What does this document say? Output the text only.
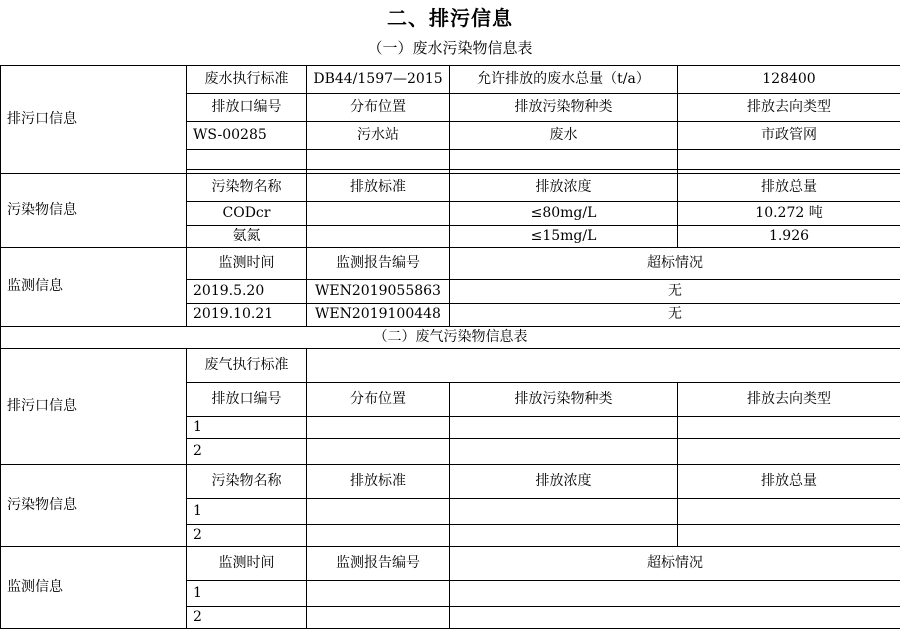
二、排污信息
（一）废水污染物信息表
排污口信息	废水执行标准	DB44/1597—2015	允许排放的废水总量（t/a）	128400
	排放口编号	分布位置	排放污染物种类	排放去向类型
	WS-00285	污水站	废水	市政管网

污染物信息	污染物名称	排放标准	排放浓度	排放总量
	CODcr		≤80mg/L	10.272 吨
	氨氮		≤15mg/L	1.926
监测信息	监测时间	监测报告编号	超标情况	
	2019.5.20	WEN2019055863	无	
	2019.10.21	WEN2019100448	无	
（二）废气污染物信息表				
排污口信息	废气执行标准			
	排放口编号	分布位置	排放污染物种类	排放去向类型
	1			
	2			
污染物信息	污染物名称	排放标准	排放浓度	排放总量
	1			
	2			
监测信息	监测时间	监测报告编号	超标情况	
	1			
	2			
